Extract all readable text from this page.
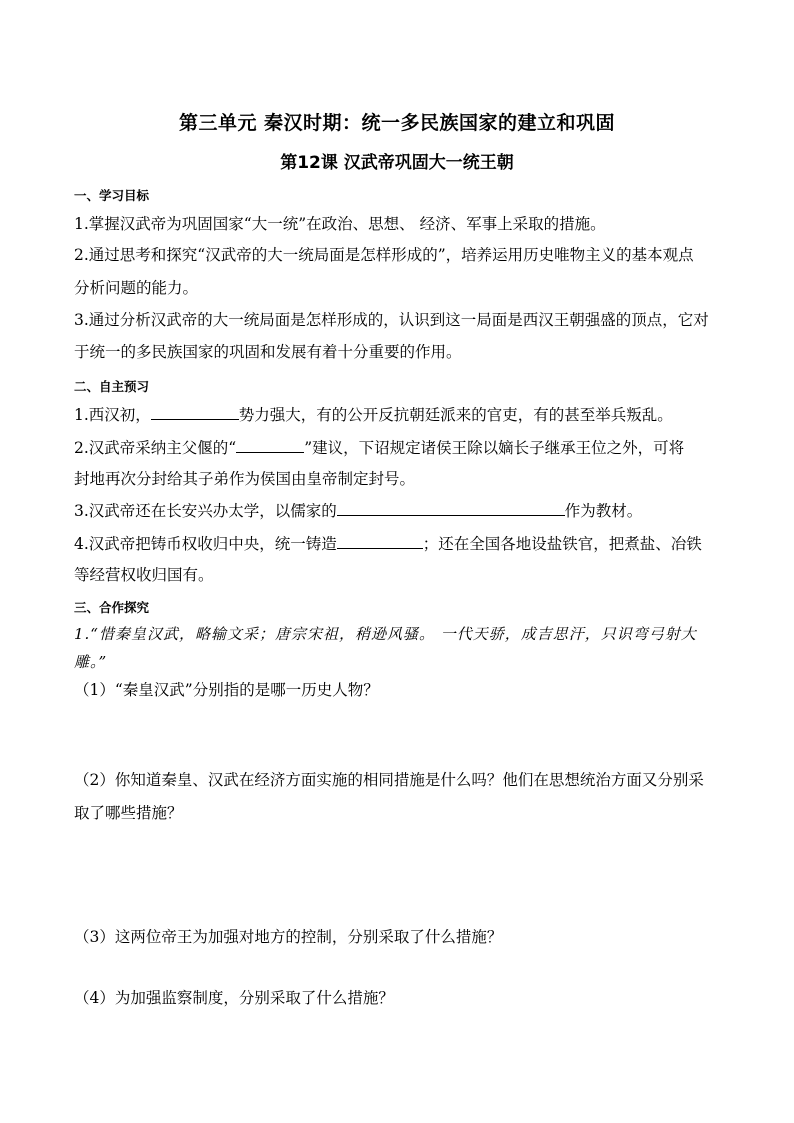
第三单元 秦汉时期：统一多民族国家的建立和巩固
第12课 汉武帝巩固大一统王朝
一、学习目标
1.掌握汉武帝为巩固国家“大一统”在政治、思想、 经济、军事上采取的措施。
2.通过思考和探究“汉武帝的大一统局面是怎样形成的”，培养运用历史唯物主义的基本观点
分析问题的能力。
3.通过分析汉武帝的大一统局面是怎样形成的，认识到这一局面是西汉王朝强盛的顶点，它对
于统一的多民族国家的巩固和发展有着十分重要的作用。
二、自主预习
1.西汉初，	势力强大，有的公开反抗朝廷派来的官吏，有的甚至举兵叛乱。
2.汉武帝采纳主父偃的“	”建议，下诏规定诸侯王除以嫡长子继承王位之外，可将
封地再次分封给其子弟作为侯国由皇帝制定封号。
3.汉武帝还在长安兴办太学，以儒家的	作为教材。
4.汉武帝把铸币权收归中央，统一铸造	；还在全国各地设盐铁官，把煮盐、冶铁
等经营权收归国有。
三、合作探究
1.“惜秦皇汉武，略输文采；唐宗宋祖，稍逊风骚。 一代天骄，成吉思汗，只识弯弓射大
雕。”
（1）“秦皇汉武”分别指的是哪一历史人物？
（2）你知道秦皇、汉武在经济方面实施的相同措施是什么吗？他们在思想统治方面又分别采
取了哪些措施？
（3）这两位帝王为加强对地方的控制，分别采取了什么措施？
（4）为加强监察制度，分别采取了什么措施？
